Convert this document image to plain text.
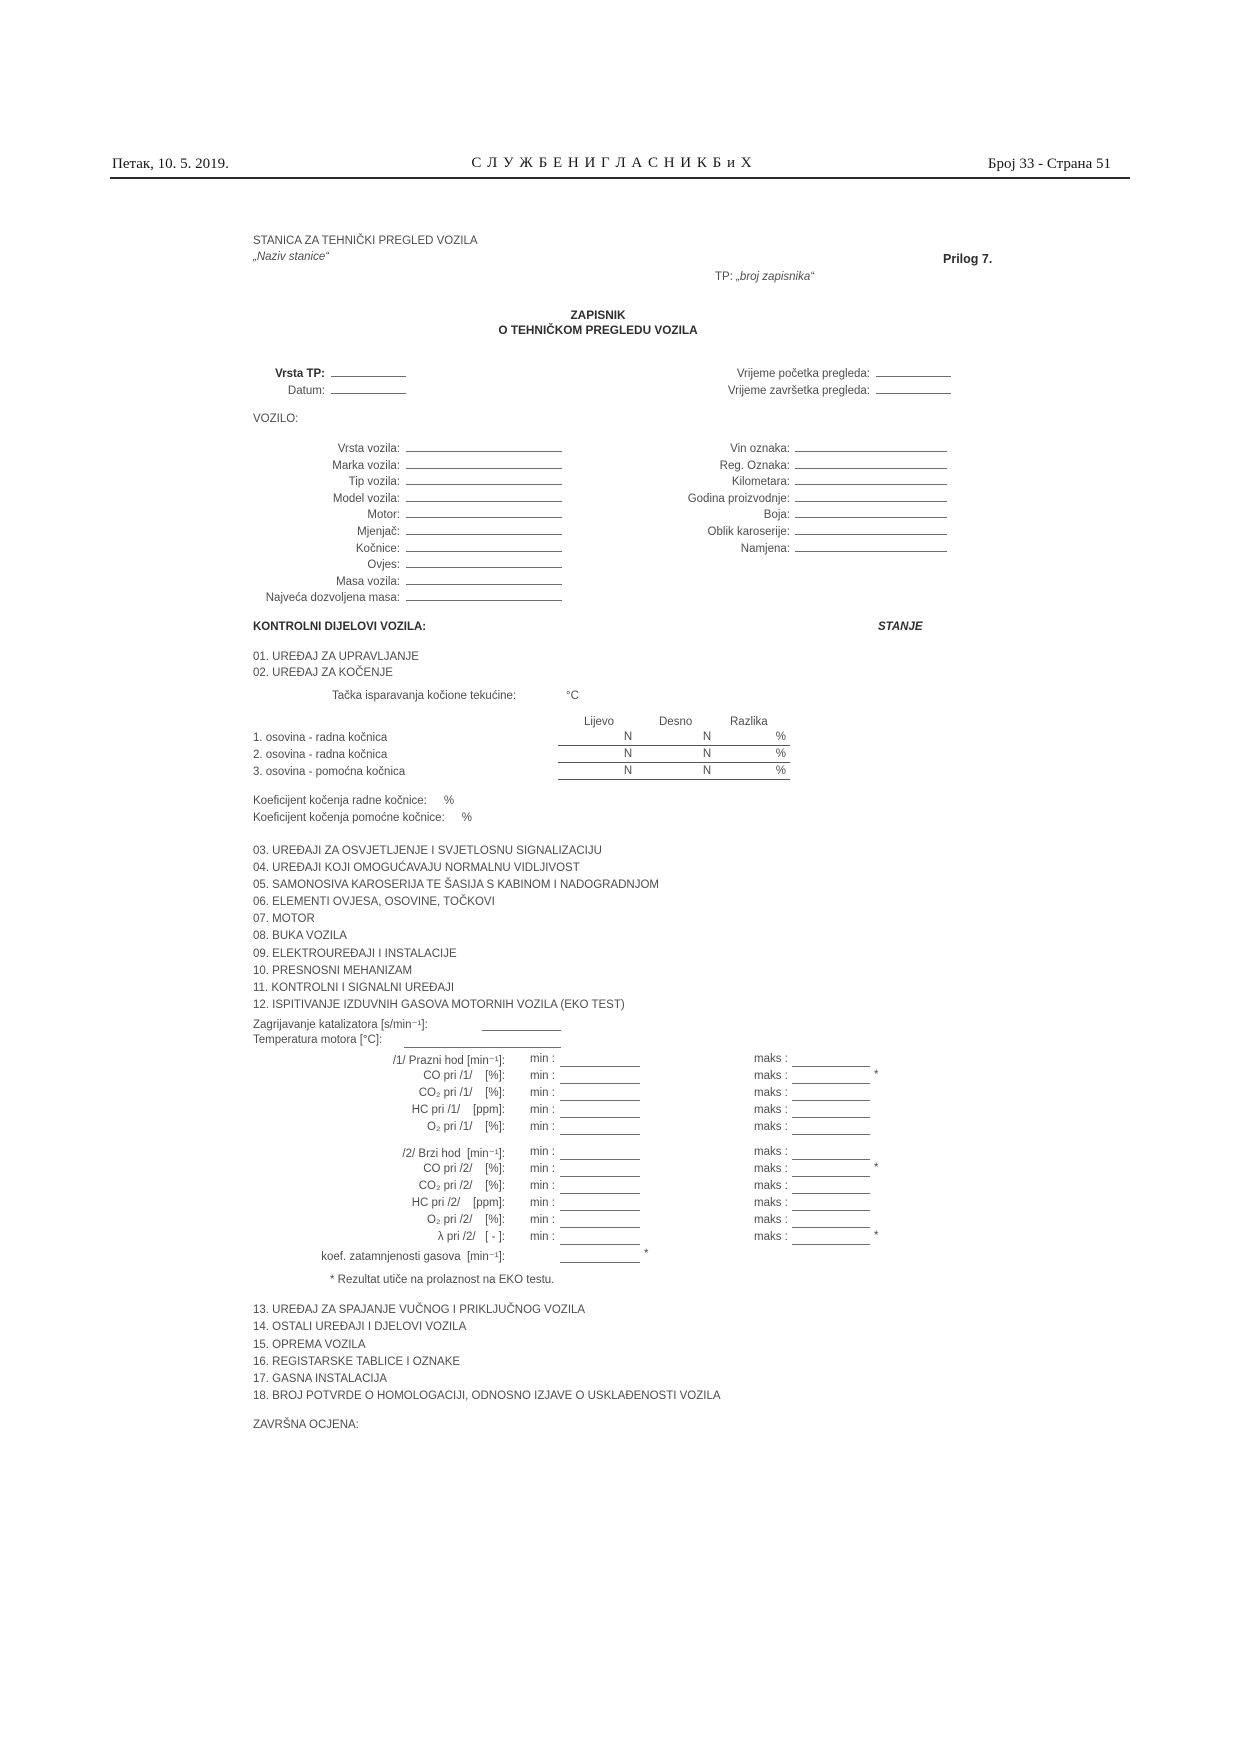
Петак, 10. 5. 2019.	С Л У Ж Б Е Н И Г Л А С Н И К Б и Х	Број 33 - Страна 51
STANICA ZA TEHNIČKI PREGLED VOZILA
„Naziv stanice“	Prilog 7.
TP: „broj zapisnika“
ZAPISNIK
O TEHNIČKOM PREGLEDU VOZILA
Vrsta TP:
Datum:
Vrijeme početka pregleda:
Vrijeme završetka pregleda:
VOZILO:
Vrsta vozila:
Marka vozila:
Tip vozila:
Model vozila:
Motor:
Mjenjač:
Kočnice:
Ovjes:
Masa vozila:
Najveća dozvoljena masa:
Vin oznaka:
Reg. Oznaka:
Kilometara:
Godina proizvodnje:
Boja:
Oblik karoserije:
Namjena:
KONTROLNI DIJELOVI VOZILA:	STANJE
01. UREĐAJ ZA UPRAVLJANJE
02. UREĐAJ ZA KOČENJE
Tačka isparavanja kočione tekućine:	°C
Lijevo	Desno	Razlika
1. osovina - radna kočnica	N	N	%
2. osovina - radna kočnica	N	N	%
3. osovina - pomoćna kočnica	N	N	%
Koeficijent kočenja radne kočnice: %
Koeficijent kočenja pomoćne kočnice: %
03. UREĐAJI ZA OSVJETLJENJE I SVJETLOSNU SIGNALIZACIJU
04. UREĐAJI KOJI OMOGUĆAVAJU NORMALNU VIDLJIVOST
05. SAMONOSIVA KAROSERIJA TE ŠASIJA S KABINOM I NADOGRADNJOM
06. ELEMENTI OVJESA, OSOVINE, TOČKOVI
07. MOTOR
08. BUKA VOZILA
09. ELEKTROUREĐAJI I INSTALACIJE
10. PRESNOSNI MEHANIZAM
11. KONTROLNI I SIGNALNI UREĐAJI
12. ISPITIVANJE IZDUVNIH GASOVA MOTORNIH VOZILA (EKO TEST)
Zagrijavanje katalizatora [s/min⁻¹]:
Temperatura motora [°C]:
/1/ Prazni hod [min⁻¹]: min :	maks :
CO pri /1/    [%]: min :	maks :	*
CO₂ pri /1/    [%]: min :	maks :
HC pri /1/    [ppm]: min :	maks :
O₂ pri /1/    [%]: min :	maks :
/2/ Brzi hod  [min⁻¹]: min :	maks :
CO pri /2/    [%]: min :	maks :	*
CO₂ pri /2/    [%]: min :	maks :
HC pri /2/    [ppm]: min :	maks :
O₂ pri /2/    [%]: min :	maks :
λ pri /2/   [ - ]: min :	maks :	*
koef. zatamnjenosti gasova  [min⁻¹]:	*
* Rezultat utiče na prolaznost na EKO testu.
13. UREĐAJ ZA SPAJANJE VUČNOG I PRIKLJUČNOG VOZILA
14. OSTALI UREĐAJI I DJELOVI VOZILA
15. OPREMA VOZILA
16. REGISTARSKE TABLICE I OZNAKE
17. GASNA INSTALACIJA
18. BROJ POTVRDE O HOMOLOGACIJI, ODNOSNO IZJAVE O USKLAĐENOSTI VOZILA
ZAVRŠNA OCJENA:
